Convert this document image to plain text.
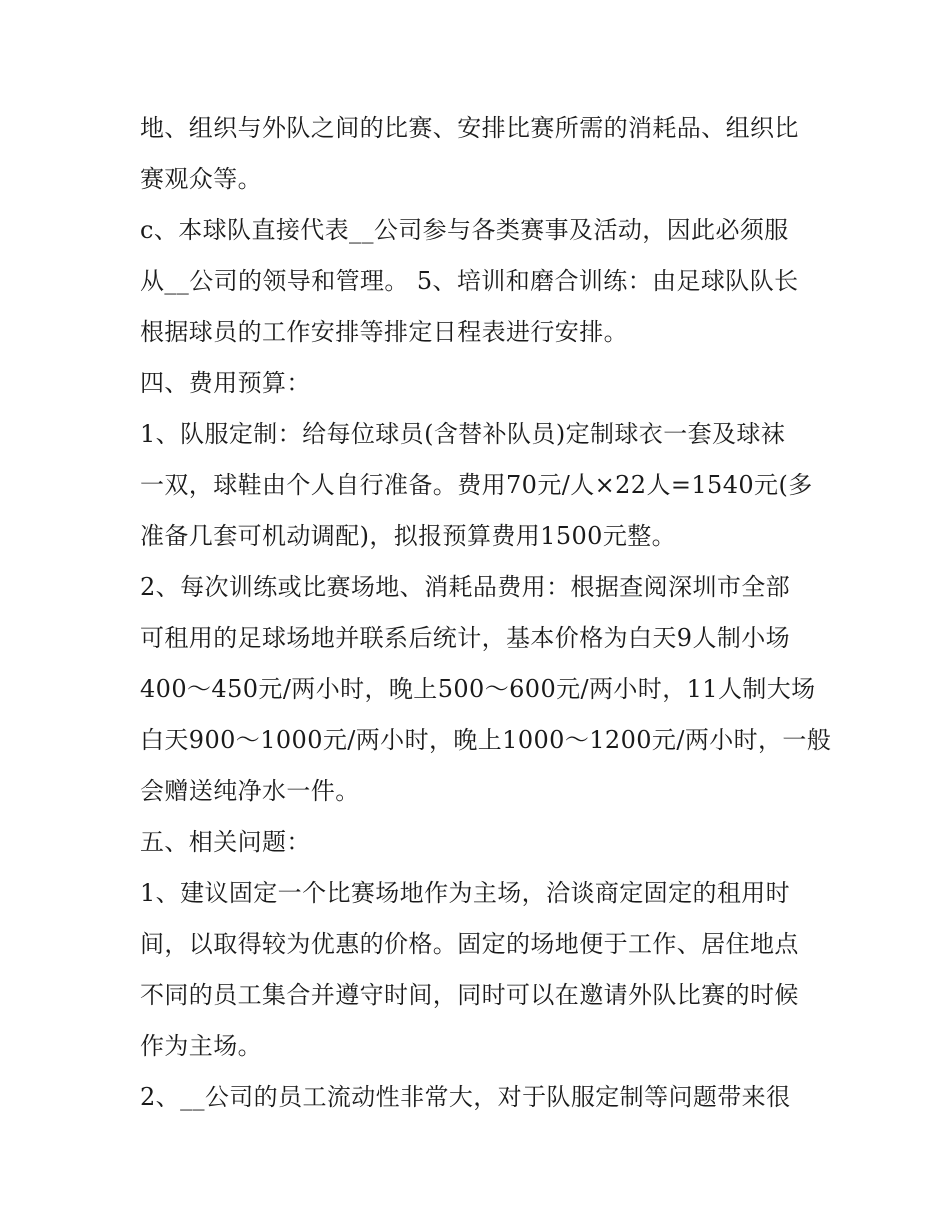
地、组织与外队之间的比赛、安排比赛所需的消耗品、组织比
赛观众等。
c、本球队直接代表__公司参与各类赛事及活动，因此必须服
从__公司的领导和管理。 5、培训和磨合训练：由足球队队长
根据球员的工作安排等排定日程表进行安排。
四、费用预算：
1、队服定制：给每位球员(含替补队员)定制球衣一套及球袜
一双，球鞋由个人自行准备。费用70元/人×22人=1540元(多
准备几套可机动调配)，拟报预算费用1500元整。
2、每次训练或比赛场地、消耗品费用：根据查阅深圳市全部
可租用的足球场地并联系后统计，基本价格为白天9人制小场
400～450元/两小时，晚上500～600元/两小时，11人制大场
白天900～1000元/两小时，晚上1000～1200元/两小时，一般
会赠送纯净水一件。
五、相关问题：
1、建议固定一个比赛场地作为主场，洽谈商定固定的租用时
间，以取得较为优惠的价格。固定的场地便于工作、居住地点
不同的员工集合并遵守时间，同时可以在邀请外队比赛的时候
作为主场。
2、__公司的员工流动性非常大，对于队服定制等问题带来很
